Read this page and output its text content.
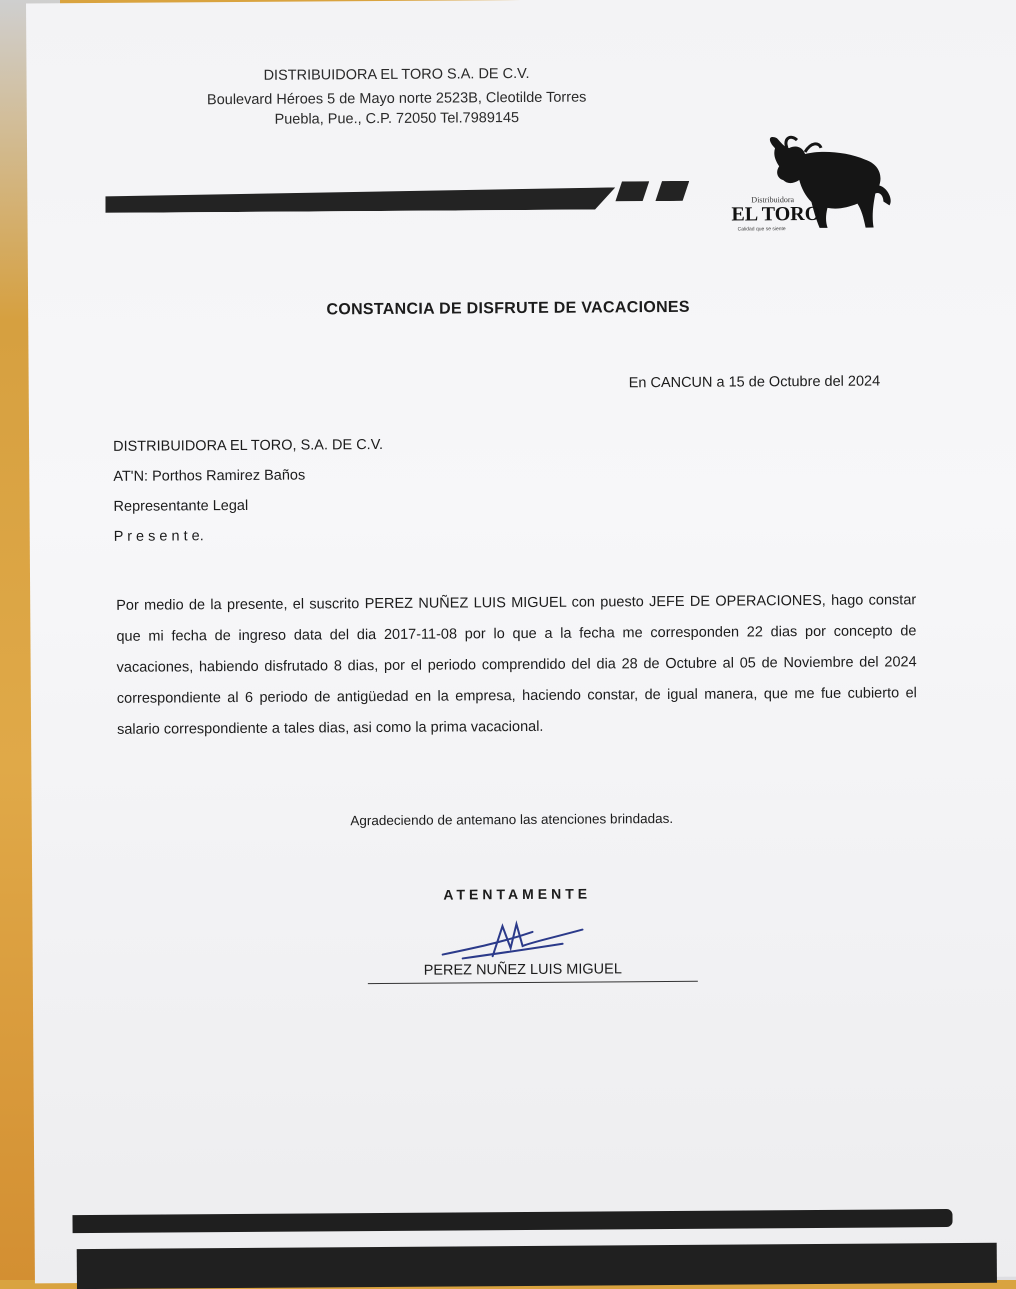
DISTRIBUIDORA EL TORO S.A. DE C.V.
Boulevard Héroes 5 de Mayo norte 2523B, Cleotilde Torres
Puebla, Pue., C.P. 72050 Tel.7989145
Distribuidora
EL TORO
Calidad que se siente
CONSTANCIA DE DISFRUTE DE VACACIONES
En CANCUN a 15 de Octubre del 2024
DISTRIBUIDORA EL TORO, S.A. DE C.V.
AT'N: Porthos Ramirez Baños
Representante Legal
P r e s e n t e.
Por medio de la presente, el suscrito PEREZ NUÑEZ LUIS MIGUEL con puesto JEFE DE OPERACIONES, hago constar que mi fecha de ingreso data del dia 2017-11-08 por lo que a la fecha me corresponden 22 dias por concepto de vacaciones, habiendo disfrutado 8 dias, por el periodo comprendido del dia 28 de Octubre al 05 de Noviembre del 2024 correspondiente al 6 periodo de antigüedad en la empresa, haciendo constar, de igual manera, que me fue cubierto el salario correspondiente a tales dias, asi como la prima vacacional.
Agradeciendo de antemano las atenciones brindadas.
ATENTAMENTE
PEREZ NUÑEZ LUIS MIGUEL
